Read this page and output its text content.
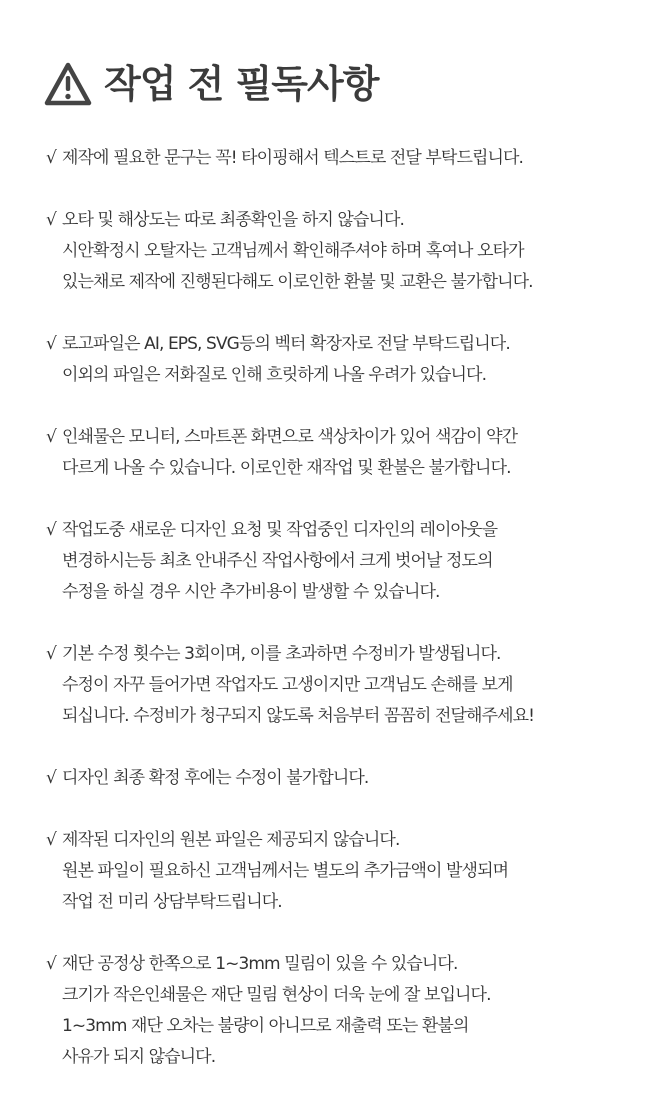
작업 전 필독사항
√ 제작에 필요한 문구는 꼭! 타이핑해서 텍스트로 전달 부탁드립니다.
√ 오타 및 해상도는 따로 최종확인을 하지 않습니다.
시안확정시 오탈자는 고객님께서 확인해주셔야 하며 혹여나 오타가
있는채로 제작에 진행된다해도 이로인한 환불 및 교환은 불가합니다.
√ 로고파일은 AI, EPS, SVG등의 벡터 확장자로 전달 부탁드립니다.
이외의 파일은 저화질로 인해 흐릿하게 나올 우려가 있습니다.
√ 인쇄물은 모니터, 스마트폰 화면으로 색상차이가 있어 색감이 약간
다르게 나올 수 있습니다. 이로인한 재작업 및 환불은 불가합니다.
√ 작업도중 새로운 디자인 요청 및 작업중인 디자인의 레이아웃을
변경하시는등 최초 안내주신 작업사항에서 크게 벗어날 정도의
수정을 하실 경우 시안 추가비용이 발생할 수 있습니다.
√ 기본 수정 횟수는 3회이며, 이를 초과하면 수정비가 발생됩니다.
수정이 자꾸 들어가면 작업자도 고생이지만 고객님도 손해를 보게
되십니다. 수정비가 청구되지 않도록 처음부터 꼼꼼히 전달해주세요!
√ 디자인 최종 확정 후에는 수정이 불가합니다.
√ 제작된 디자인의 원본 파일은 제공되지 않습니다.
원본 파일이 필요하신 고객님께서는 별도의 추가금액이 발생되며
작업 전 미리 상담부탁드립니다.
√ 재단 공정상 한쪽으로 1~3mm 밀림이 있을 수 있습니다.
크기가 작은인쇄물은 재단 밀림 현상이 더욱 눈에 잘 보입니다.
1~3mm 재단 오차는 불량이 아니므로 재출력 또는 환불의
사유가 되지 않습니다.
